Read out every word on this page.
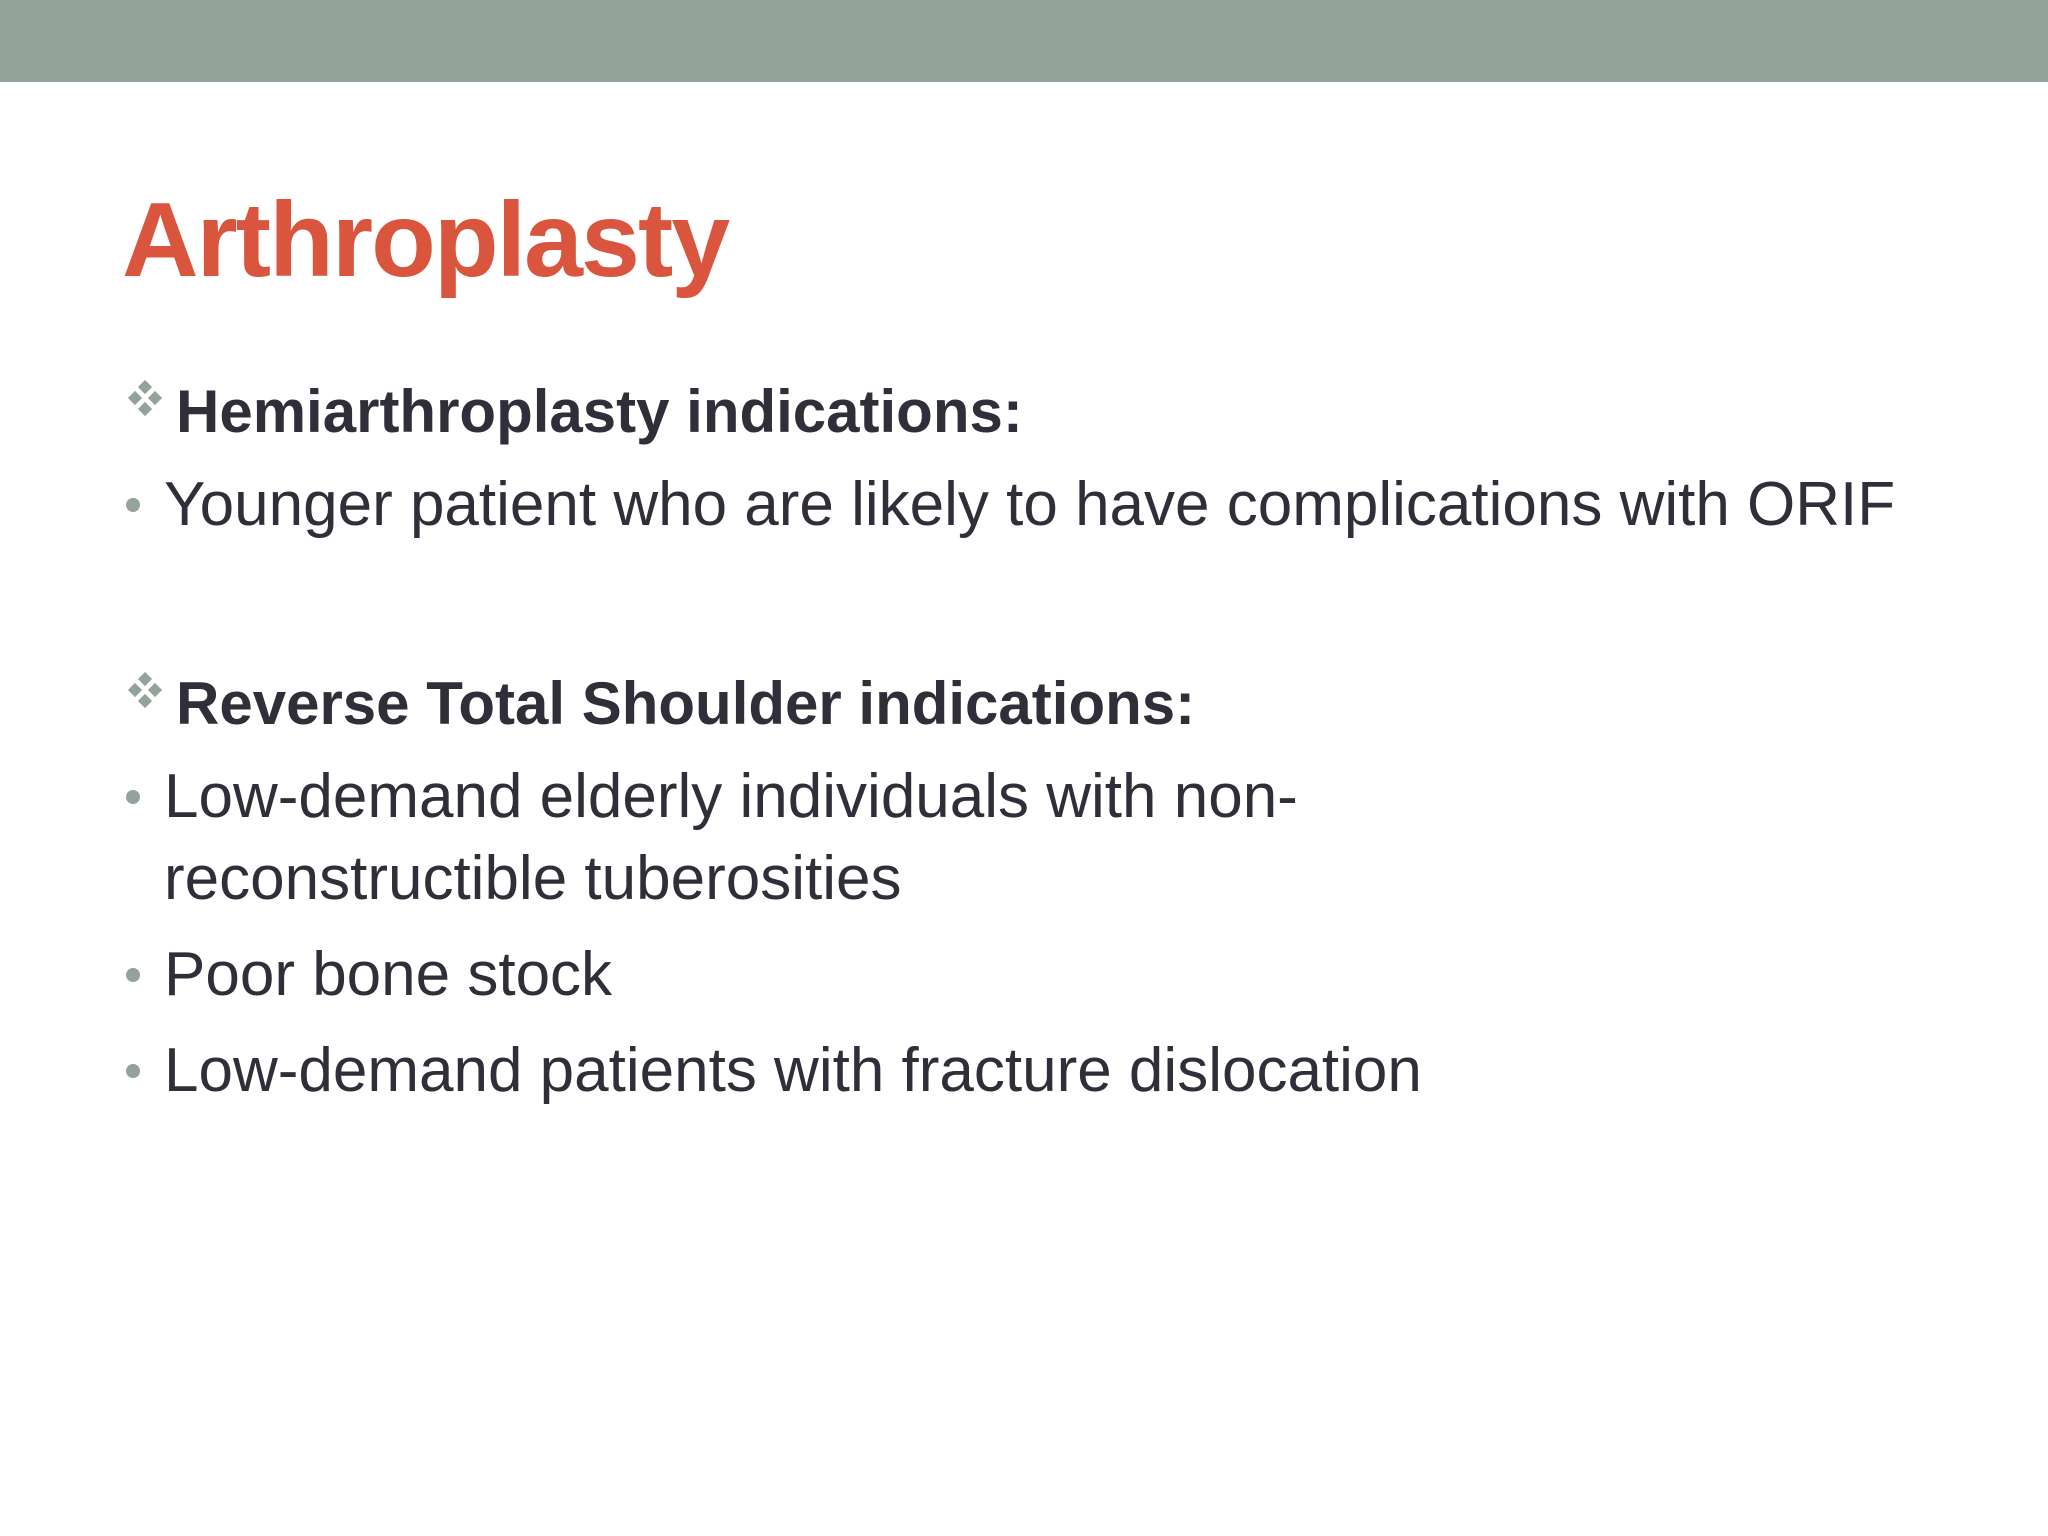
Arthroplasty
Hemiarthroplasty indications:
Younger patient who are likely to have complications with ORIF
Reverse Total Shoulder indications:
Low-demand elderly individuals with non-reconstructible tuberosities
Poor bone stock
Low-demand patients with fracture dislocation
